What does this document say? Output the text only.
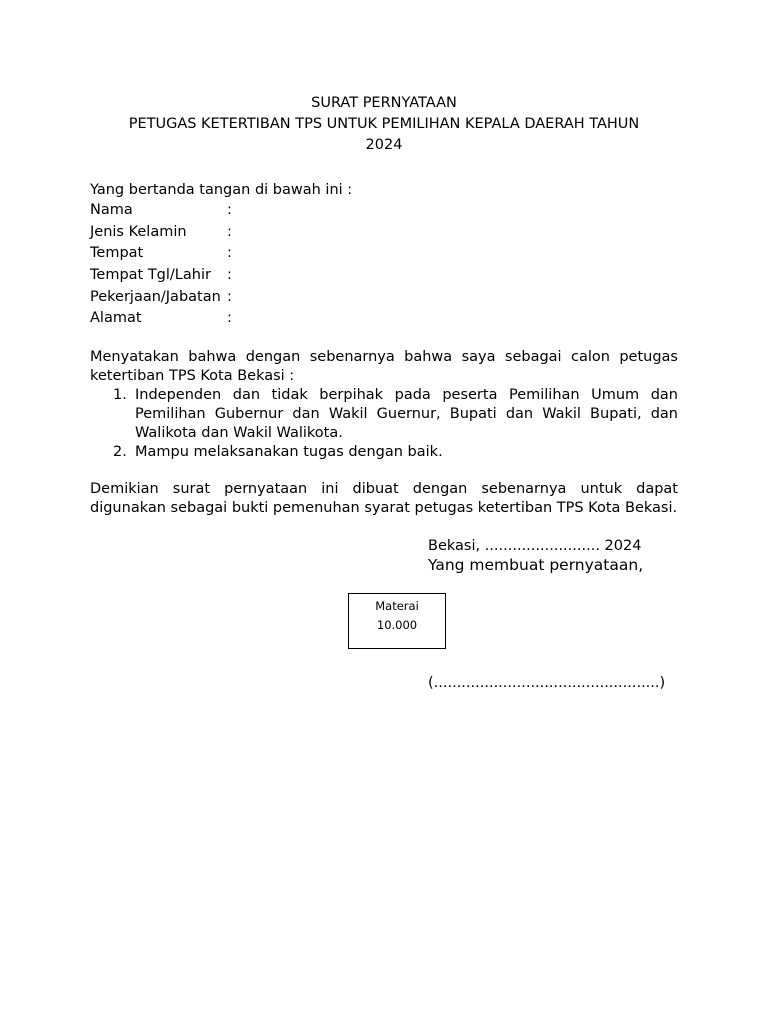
SURAT PERNYATAAN
PETUGAS KETERTIBAN TPS UNTUK PEMILIHAN KEPALA DAERAH TAHUN
2024
Yang bertanda tangan di bawah ini :
Nama	:
Jenis Kelamin	:
Tempat	:
Tempat Tgl/Lahir	:
Pekerjaan/Jabatan :
Alamat	:
Menyatakan bahwa dengan sebenarnya bahwa saya sebagai calon petugas ketertiban TPS Kota Bekasi :
1. Independen dan tidak berpihak pada peserta Pemilihan Umum dan Pemilihan Gubernur dan Wakil Guernur, Bupati dan Wakil Bupati, dan Walikota dan Wakil Walikota.
2. Mampu melaksanakan tugas dengan baik.
Demikian surat pernyataan ini dibuat dengan sebenarnya untuk dapat digunakan sebagai bukti pemenuhan syarat petugas ketertiban TPS Kota Bekasi.
Bekasi, ......................... 2024
Yang membuat pernyataan,
Materai
10.000
(.................................................)
